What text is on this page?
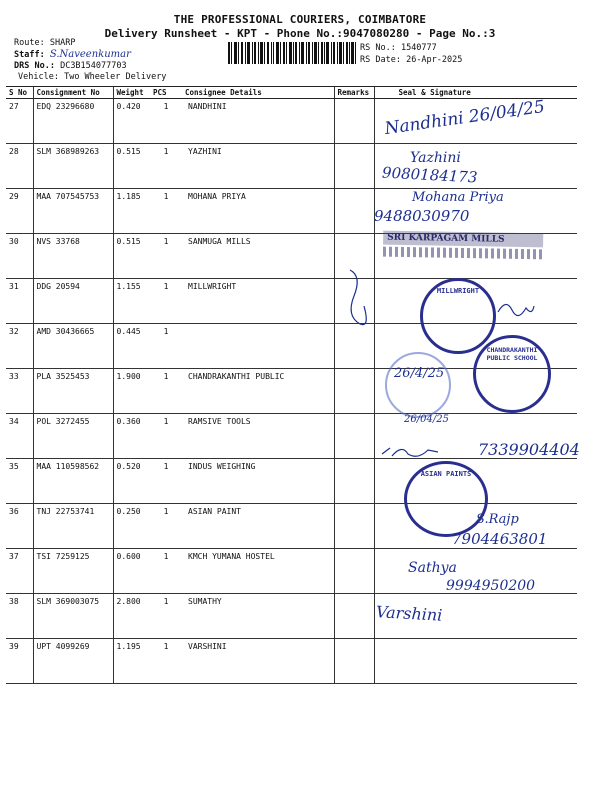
THE PROFESSIONAL COURIERS, COIMBATORE
Delivery Runsheet - KPT - Phone No.:9047080280 - Page No.:3
Route: SHARP
Staff: S.Naveenkumar
DRS No.: DC3B154077703
Vehicle: Two Wheeler Delivery
RS No.: 1540777
RS Date: 26-Apr-2025
S No	Consignment No	Weight	PCS	Consignee Details	Remarks	Seal & Signature
27	EDQ 23296680	0.420	1	NANDHINI		
28	SLM 368989263	0.515	1	YAZHINI		
29	MAA 707545753	1.185	1	MOHANA PRIYA		
30	NVS 33768	0.515	1	SANMUGA MILLS		
31	DDG 20594	1.155	1	MILLWRIGHT		
32	AMD 30436665	0.445	1			
33	PLA 3525453	1.900	1	CHANDRAKANTHI PUBLIC		
34	POL 3272455	0.360	1	RAMSIVE TOOLS		
35	MAA 110598562	0.520	1	INDUS WEIGHING		
36	TNJ 22753741	0.250	1	ASIAN PAINT		
37	TSI 7259125	0.600	1	KMCH YUMANA HOSTEL		
38	SLM 369003075	2.800	1	SUMATHY		
39	UPT 4099269	1.195	1	VARSHINI		
Nandhini 26/04/25
Yazhini
9080184173
Mohana Priya
9488030970
SRI KARPAGAM MILLS
MILLWRIGHT
CHANDRAKANTHI PUBLIC SCHOOL
26/4/25
26/04/25
7339904404
ASIAN PAINTS
S.Rajp
7904463801
Sathya
9994950200
Varshini
